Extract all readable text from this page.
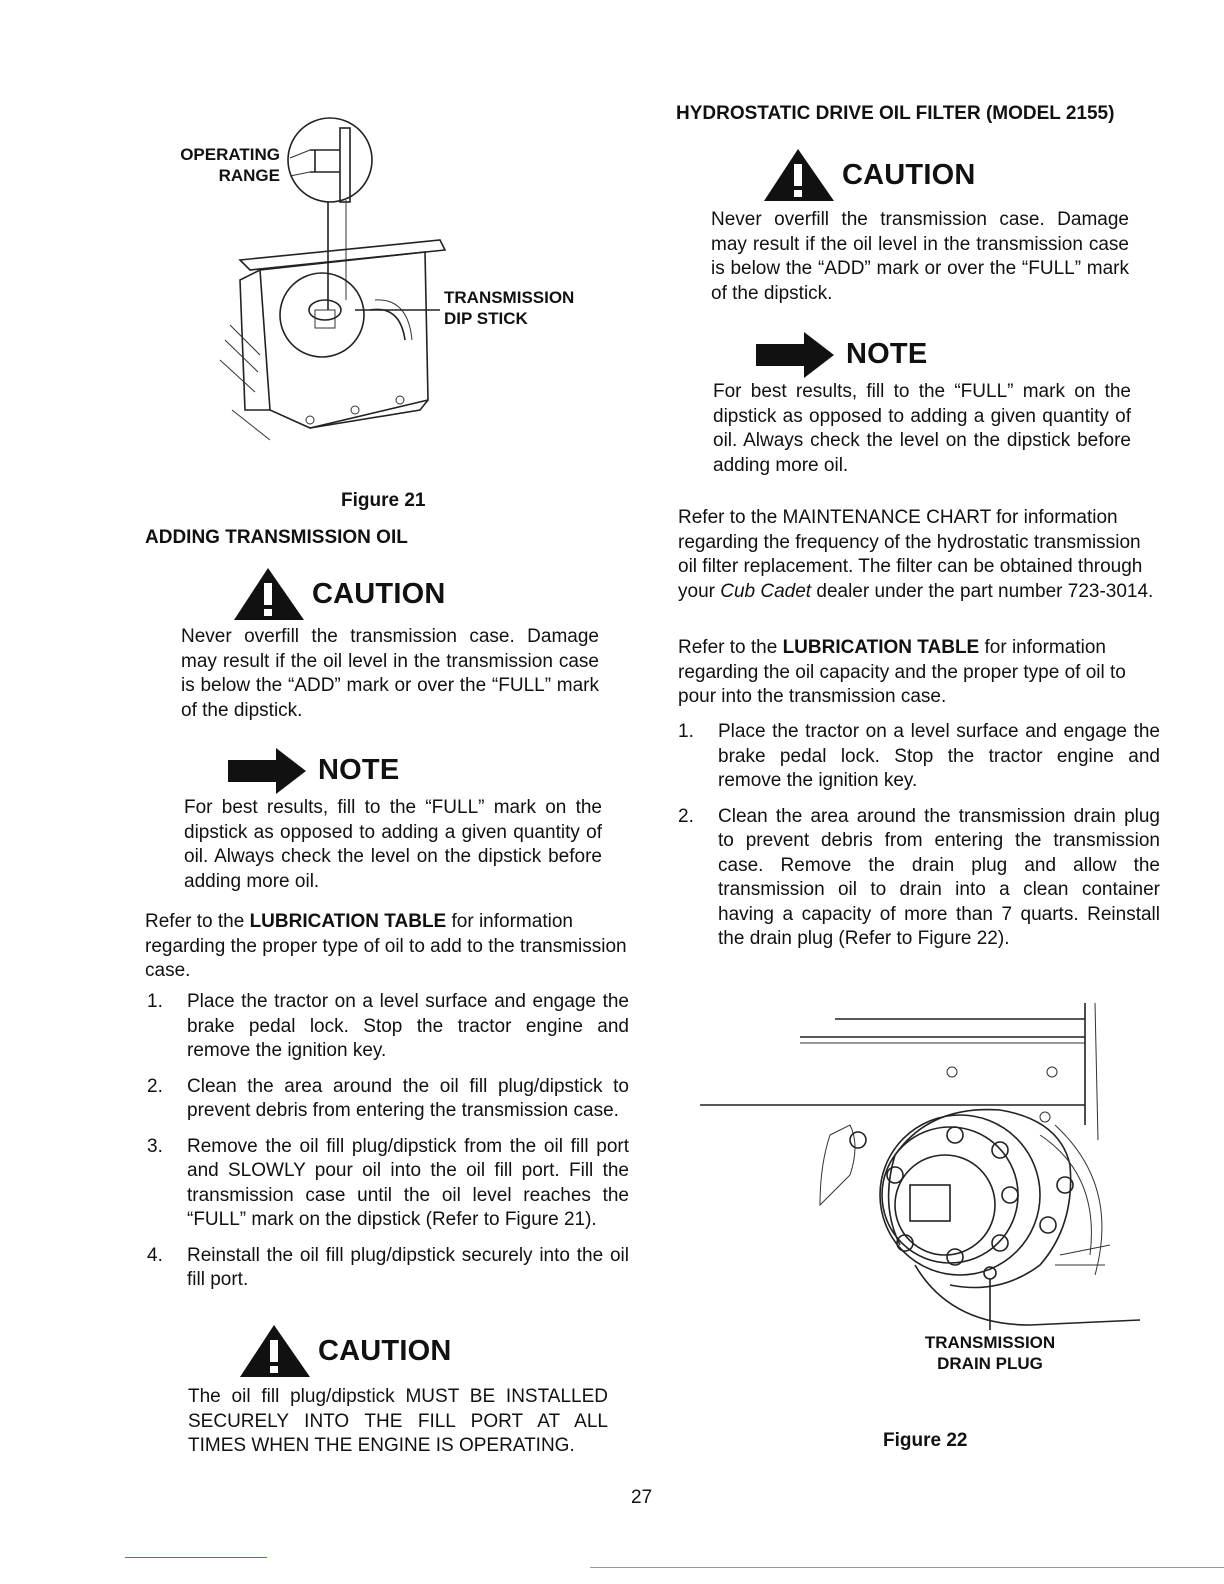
OPERATING
RANGE
TRANSMISSION
DIP STICK
Figure 21
ADDING TRANSMISSION OIL
CAUTION
Never overfill the transmission case. Damage may result if the oil level in the transmission case is below the “ADD” mark or over the “FULL” mark of the dipstick.
NOTE
For best results, fill to the “FULL” mark on the dipstick as opposed to adding a given quantity of oil. Always check the level on the dipstick before adding more oil.
Refer to the LUBRICATION TABLE for information regarding the proper type of oil to add to the transmission case.
1. Place the tractor on a level surface and engage the brake pedal lock. Stop the tractor engine and remove the ignition key.
2. Clean the area around the oil fill plug/dipstick to prevent debris from entering the transmission case.
3. Remove the oil fill plug/dipstick from the oil fill port and SLOWLY pour oil into the oil fill port. Fill the transmission case until the oil level reaches the “FULL” mark on the dipstick (Refer to Figure 21).
4. Reinstall the oil fill plug/dipstick securely into the oil fill port.
CAUTION
The oil fill plug/dipstick MUST BE INSTALLED SECURELY INTO THE FILL PORT AT ALL TIMES WHEN THE ENGINE IS OPERATING.
HYDROSTATIC DRIVE OIL FILTER (MODEL 2155)
CAUTION
Never overfill the transmission case. Damage may result if the oil level in the transmission case is below the “ADD” mark or over the “FULL” mark of the dipstick.
NOTE
For best results, fill to the “FULL” mark on the dipstick as opposed to adding a given quantity of oil. Always check the level on the dipstick before adding more oil.
Refer to the MAINTENANCE CHART for information regarding the frequency of the hydrostatic transmission oil filter replacement. The filter can be obtained through your Cub Cadet dealer under the part number 723-3014.
Refer to the LUBRICATION TABLE for information regarding the oil capacity and the proper type of oil to pour into the transmission case.
1. Place the tractor on a level surface and engage the brake pedal lock. Stop the tractor engine and remove the ignition key.
2. Clean the area around the transmission drain plug to prevent debris from entering the transmission case. Remove the drain plug and allow the transmission oil to drain into a clean container having a capacity of more than 7 quarts. Reinstall the drain plug (Refer to Figure 22).
TRANSMISSION
DRAIN PLUG
Figure 22
27
